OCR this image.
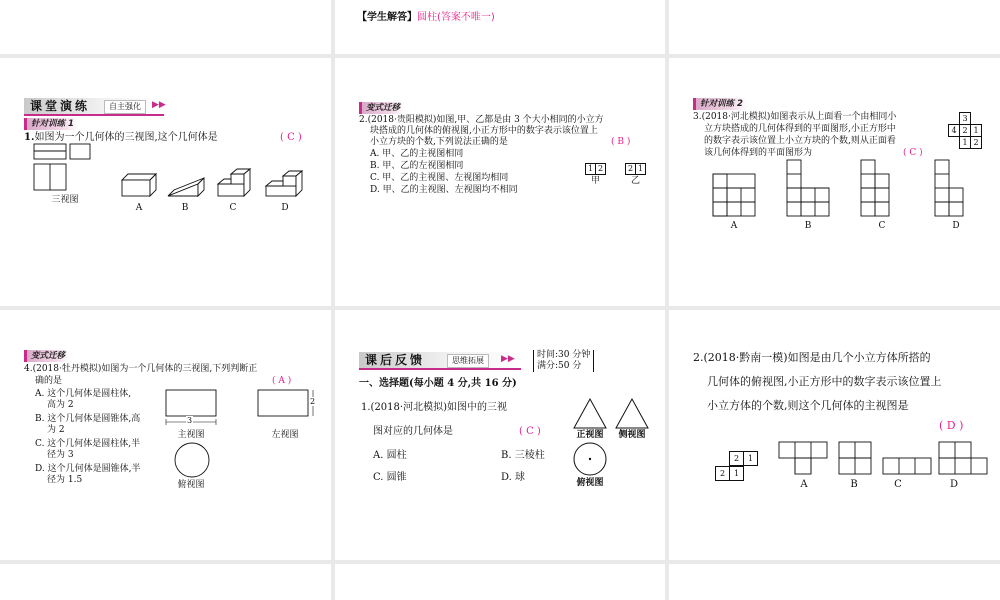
【学生解答】圆柱(答案不唯一)
课堂演练	自主强化	▶▶
针对训练 1
1.如图为一个几何体的三视图,这个几何体是	( C )
三视图
A	B	C	D
变式迁移
2.(2018·贵阳模拟)如图,甲、乙都是由 3 个大小相同的小立方
块搭成的几何体的俯视图,小正方形中的数字表示该位置上
小立方块的个数,下列说法正确的是	( B )
A. 甲、乙的主视图相同
B. 甲、乙的左视图相同
C. 甲、乙的主视图、左视图均相同
D. 甲、乙的主视图、左视图均不相同
1 2
甲
2 1
乙
针对训练 2
3.(2018·河北模拟)如图表示从上面看一个由相同小
立方块搭成的几何体得到的平面图形,小正方形中
的数字表示该位置上小立方块的个数,则从正面看
该几何体得到的平面图形为	( C )
3
4 2 1
1 2
A	B	C	D
变式迁移
4.(2018·牡丹模拟)如图为一个几何体的三视图,下列判断正
确的是	( A )
A. 这个几何体是圆柱体,
高为 2
B. 这个几何体是圆锥体,高
为 2
C. 这个几何体是圆柱体,半
径为 3
D. 这个几何体是圆锥体,半
径为 1.5
3
主视图
2
左视图
俯视图
课后反馈	思维拓展	▶▶ 时间:30 分钟
满分:50 分
一、选择题(每小题 4 分,共 16 分)
1.(2018·河北模拟)如图中的三视
图对应的几何体是	( C )
A. 圆柱	B. 三棱柱
C. 圆锥	D. 球
正视图	侧视图
俯视图
2.(2018·黔南一模)如图是由几个小立方体所搭的
几何体的俯视图,小正方形中的数字表示该位置上
小立方体的个数,则这个几何体的主视图是
( D )
2	1
2	1
A	B	C	D
